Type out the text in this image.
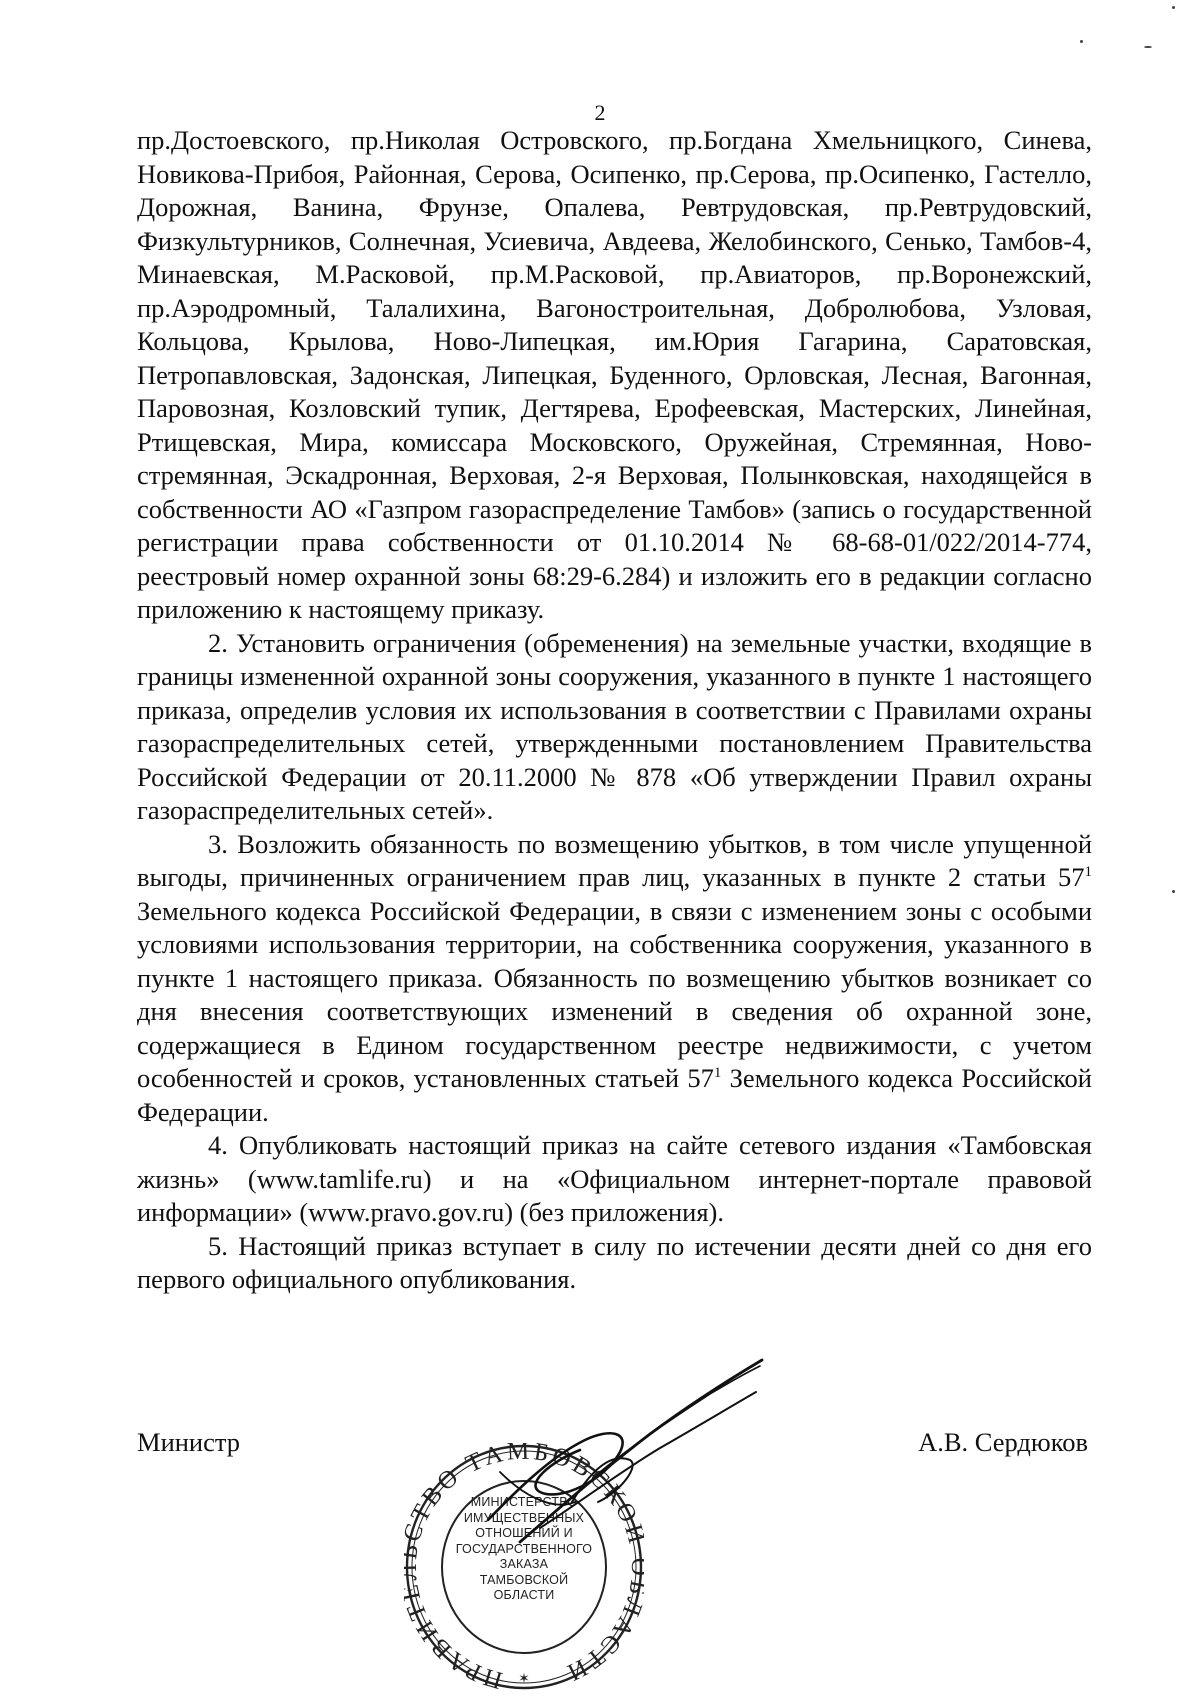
2

пр.Достоевского, пр.Николая Островского, пр.Богдана Хмельницкого, Синева, Новикова-Прибоя, Районная, Серова, Осипенко, пр.Серова, пр.Осипенко, Гастелло, Дорожная, Ванина, Фрунзе, Опалева, Ревтрудовская, пр.Ревтрудовский, Физкультурников, Солнечная, Усиевича, Авдеева, Желобинского, Сенько, Тамбов-4, Минаевская, М.Расковой, пр.М.Расковой, пр.Авиаторов, пр.Воронежский, пр.Аэродромный, Талалихина, Вагоностроительная, Добролюбова, Узловая, Кольцова, Крылова, Ново-Липецкая, им.Юрия Гагарина, Саратовская, Петропавловская, Задонская, Липецкая, Буденного, Орловская, Лесная, Вагонная, Паровозная, Козловский тупик, Дегтярева, Ерофеевская, Мастерских, Линейная, Ртищевская, Мира, комиссара Московского, Оружейная, Стремянная, Ново-стремянная, Эскадронная, Верховая, 2-я Верховая, Полынковская, находящейся в собственности АО «Газпром газораспределение Тамбов» (запись о государственной регистрации права собственности от 01.10.2014 № 68-68-01/022/2014-774, реестровый номер охранной зоны 68:29-6.284) и изложить его в редакции согласно приложению к настоящему приказу.

2. Установить ограничения (обременения) на земельные участки, входящие в границы измененной охранной зоны сооружения, указанного в пункте 1 настоящего приказа, определив условия их использования в соответствии с Правилами охраны газораспределительных сетей, утвержденными постановлением Правительства Российской Федерации от 20.11.2000 № 878 «Об утверждении Правил охраны газораспределительных сетей».

3. Возложить обязанность по возмещению убытков, в том числе упущенной выгоды, причиненных ограничением прав лиц, указанных в пункте 2 статьи $57^1$ Земельного кодекса Российской Федерации, в связи с изменением зоны с особыми условиями использования территории, на собственника сооружения, указанного в пункте 1 настоящего приказа. Обязанность по возмещению убытков возникает со дня внесения соответствующих изменений в сведения об охранной зоне, содержащиеся в Едином государственном реестре недвижимости, с учетом особенностей и сроков, установленных статьей $57^1$ Земельного кодекса Российской Федерации.

4. Опубликовать настоящий приказ на сайте сетевого издания «Тамбовская жизнь» (www.tamlife.ru) и на «Официальном интернет-портале правовой информации» (www.pravo.gov.ru) (без приложения).

5. Настоящий приказ вступает в силу по истечении десяти дней со дня его первого официального опубликования.

Министр	А.В. Сердюков
ПРАВИТ ТВО ТАМБОВСКО АСТИ
✶
МИНИСТЕРСТВО
ИМУЩЕСТВЕННЫХ
ОТНОШЕНИЙ И
ГОСУДАРСТВЕННОГО
ЗАКАЗА
ТАМБОВСКОЙ
ОБЛАСТИ
